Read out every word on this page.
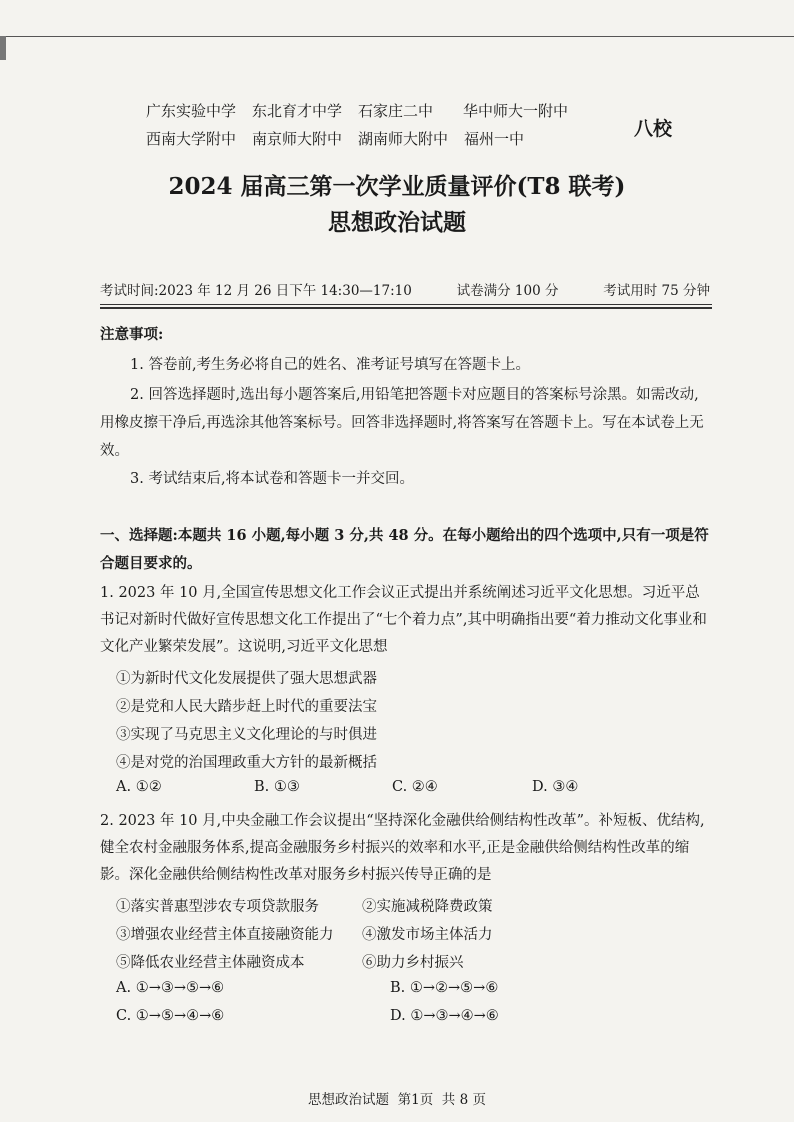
广东实验中学 东北育才中学 石家庄二中 华中师大一附中
西南大学附中 南京师大附中 湖南师大附中 福州一中	八校
2024 届高三第一次学业质量评价(T8 联考)
思想政治试题
考试时间:2023 年 12 月 26 日下午 14:30—17:10	试卷满分 100 分	考试用时 75 分钟
注意事项:

1. 答卷前,考生务必将自己的姓名、准考证号填写在答题卡上。

2. 回答选择题时,选出每小题答案后,用铅笔把答题卡对应题目的答案标号涂黑。如需改动,用橡皮擦干净后,再选涂其他答案标号。回答非选择题时,将答案写在答题卡上。写在本试卷上无效。

3. 考试结束后,将本试卷和答题卡一并交回。

一、选择题:本题共 16 小题,每小题 3 分,共 48 分。在每小题给出的四个选项中,只有一项是符合题目要求的。

1. 2023 年 10 月,全国宣传思想文化工作会议正式提出并系统阐述习近平文化思想。习近平总书记对新时代做好宣传思想文化工作提出了“七个着力点”,其中明确指出要“着力推动文化事业和文化产业繁荣发展”。这说明,习近平文化思想

①为新时代文化发展提供了强大思想武器
②是党和人民大踏步赶上时代的重要法宝
③实现了马克思主义文化理论的与时俱进
④是对党的治国理政重大方针的最新概括
A. ①②	B. ①③	C. ②④	D. ③④

2. 2023 年 10 月,中央金融工作会议提出“坚持深化金融供给侧结构性改革”。补短板、优结构,健全农村金融服务体系,提高金融服务乡村振兴的效率和水平,正是金融供给侧结构性改革的缩影。深化金融供给侧结构性改革对服务乡村振兴传导正确的是

①落实普惠型涉农专项贷款服务	②实施减税降费政策
③增强农业经营主体直接融资能力 ④激发市场主体活力
⑤降低农业经营主体融资成本	⑥助力乡村振兴
A. ①→③→⑤→⑥	B. ①→②→⑤→⑥
C. ①→⑤→④→⑥	D. ①→③→④→⑥
思想政治试题 第1页 共 8 页
